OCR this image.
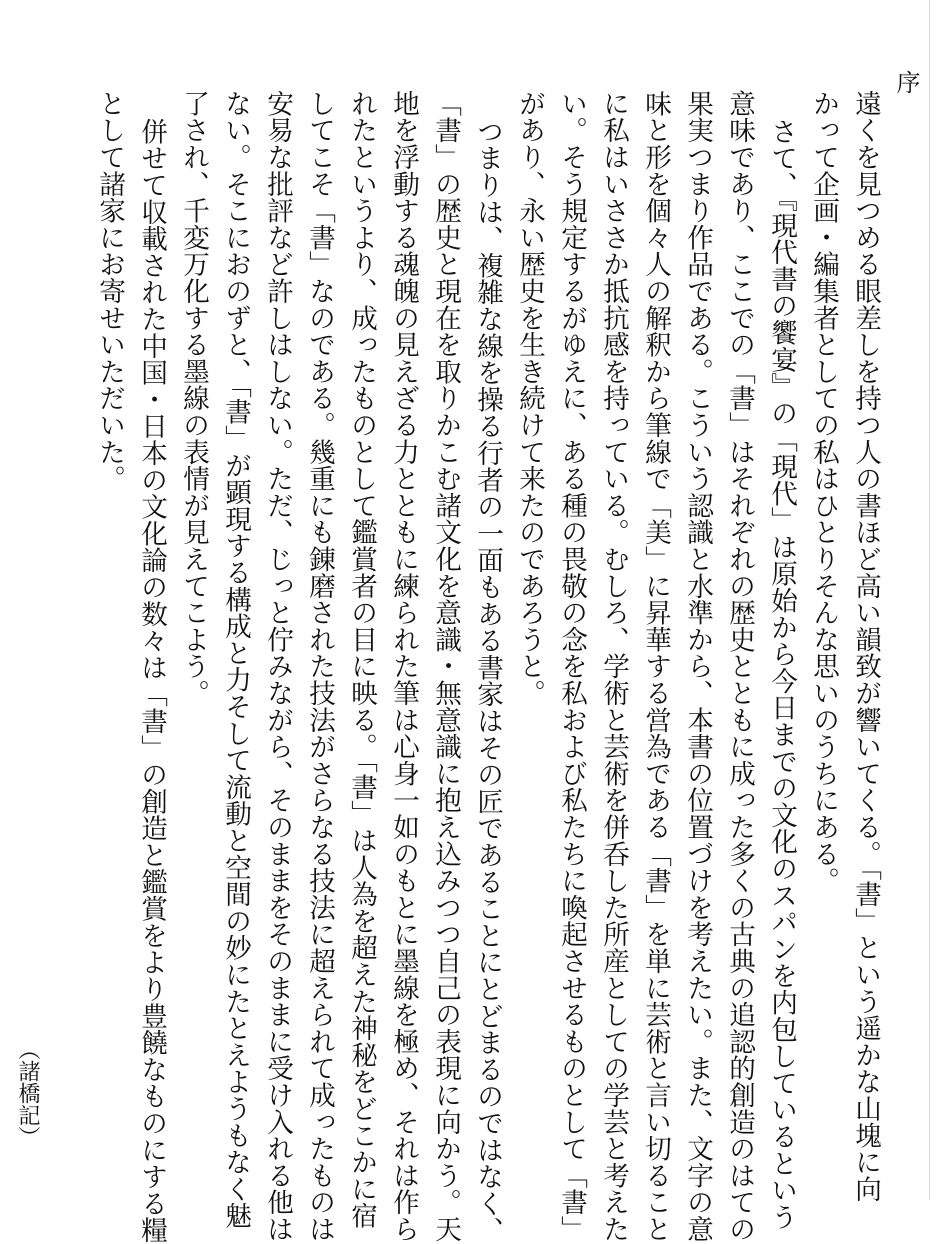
序
遠くを見つめる眼差しを持つ人の書ほど高い韻致が響いてくる。「書」という遥かな山塊に向
かって企画・編集者としての私はひとりそんな思いのうちにある。
さて、『現代書の饗宴』の「現代」は原始から今日までの文化のスパンを内包しているという
意味であり、ここでの「書」はそれぞれの歴史とともに成った多くの古典の追認的創造のはての
果実つまり作品である。こういう認識と水準から、本書の位置づけを考えたい。また、文字の意
味と形を個々人の解釈から筆線で「美」に昇華する営為である「書」を単に芸術と言い切ること
に私はいささか抵抗感を持っている。むしろ、学術と芸術を併呑した所産としての学芸と考えた
い。そう規定するがゆえに、ある種の畏敬の念を私および私たちに喚起させるものとして「書」
があり、永い歴史を生き続けて来たのであろうと。
つまりは、複雑な線を操る行者の一面もある書家はその匠であることにとどまるのではなく、
「書」の歴史と現在を取りかこむ諸文化を意識・無意識に抱え込みつつ自己の表現に向かう。天
地を浮動する魂魄の見えざる力とともに練られた筆は心身一如のもとに墨線を極め、それは作ら
れたというより、成ったものとして鑑賞者の目に映る。「書」は人為を超えた神秘をどこかに宿
してこそ「書」なのである。幾重にも錬磨された技法がさらなる技法に超えられて成ったものは
安易な批評など許しはしない。ただ、じっと佇みながら、そのままをそのままに受け入れる他は
ない。そこにおのずと、「書」が顕現する構成と力そして流動と空間の妙にたとえようもなく魅
了され、千変万化する墨線の表情が見えてこよう。
併せて収載された中国・日本の文化論の数々は「書」の創造と鑑賞をより豊饒なものにする糧
として諸家にお寄せいただいた。
（諸橋記）
